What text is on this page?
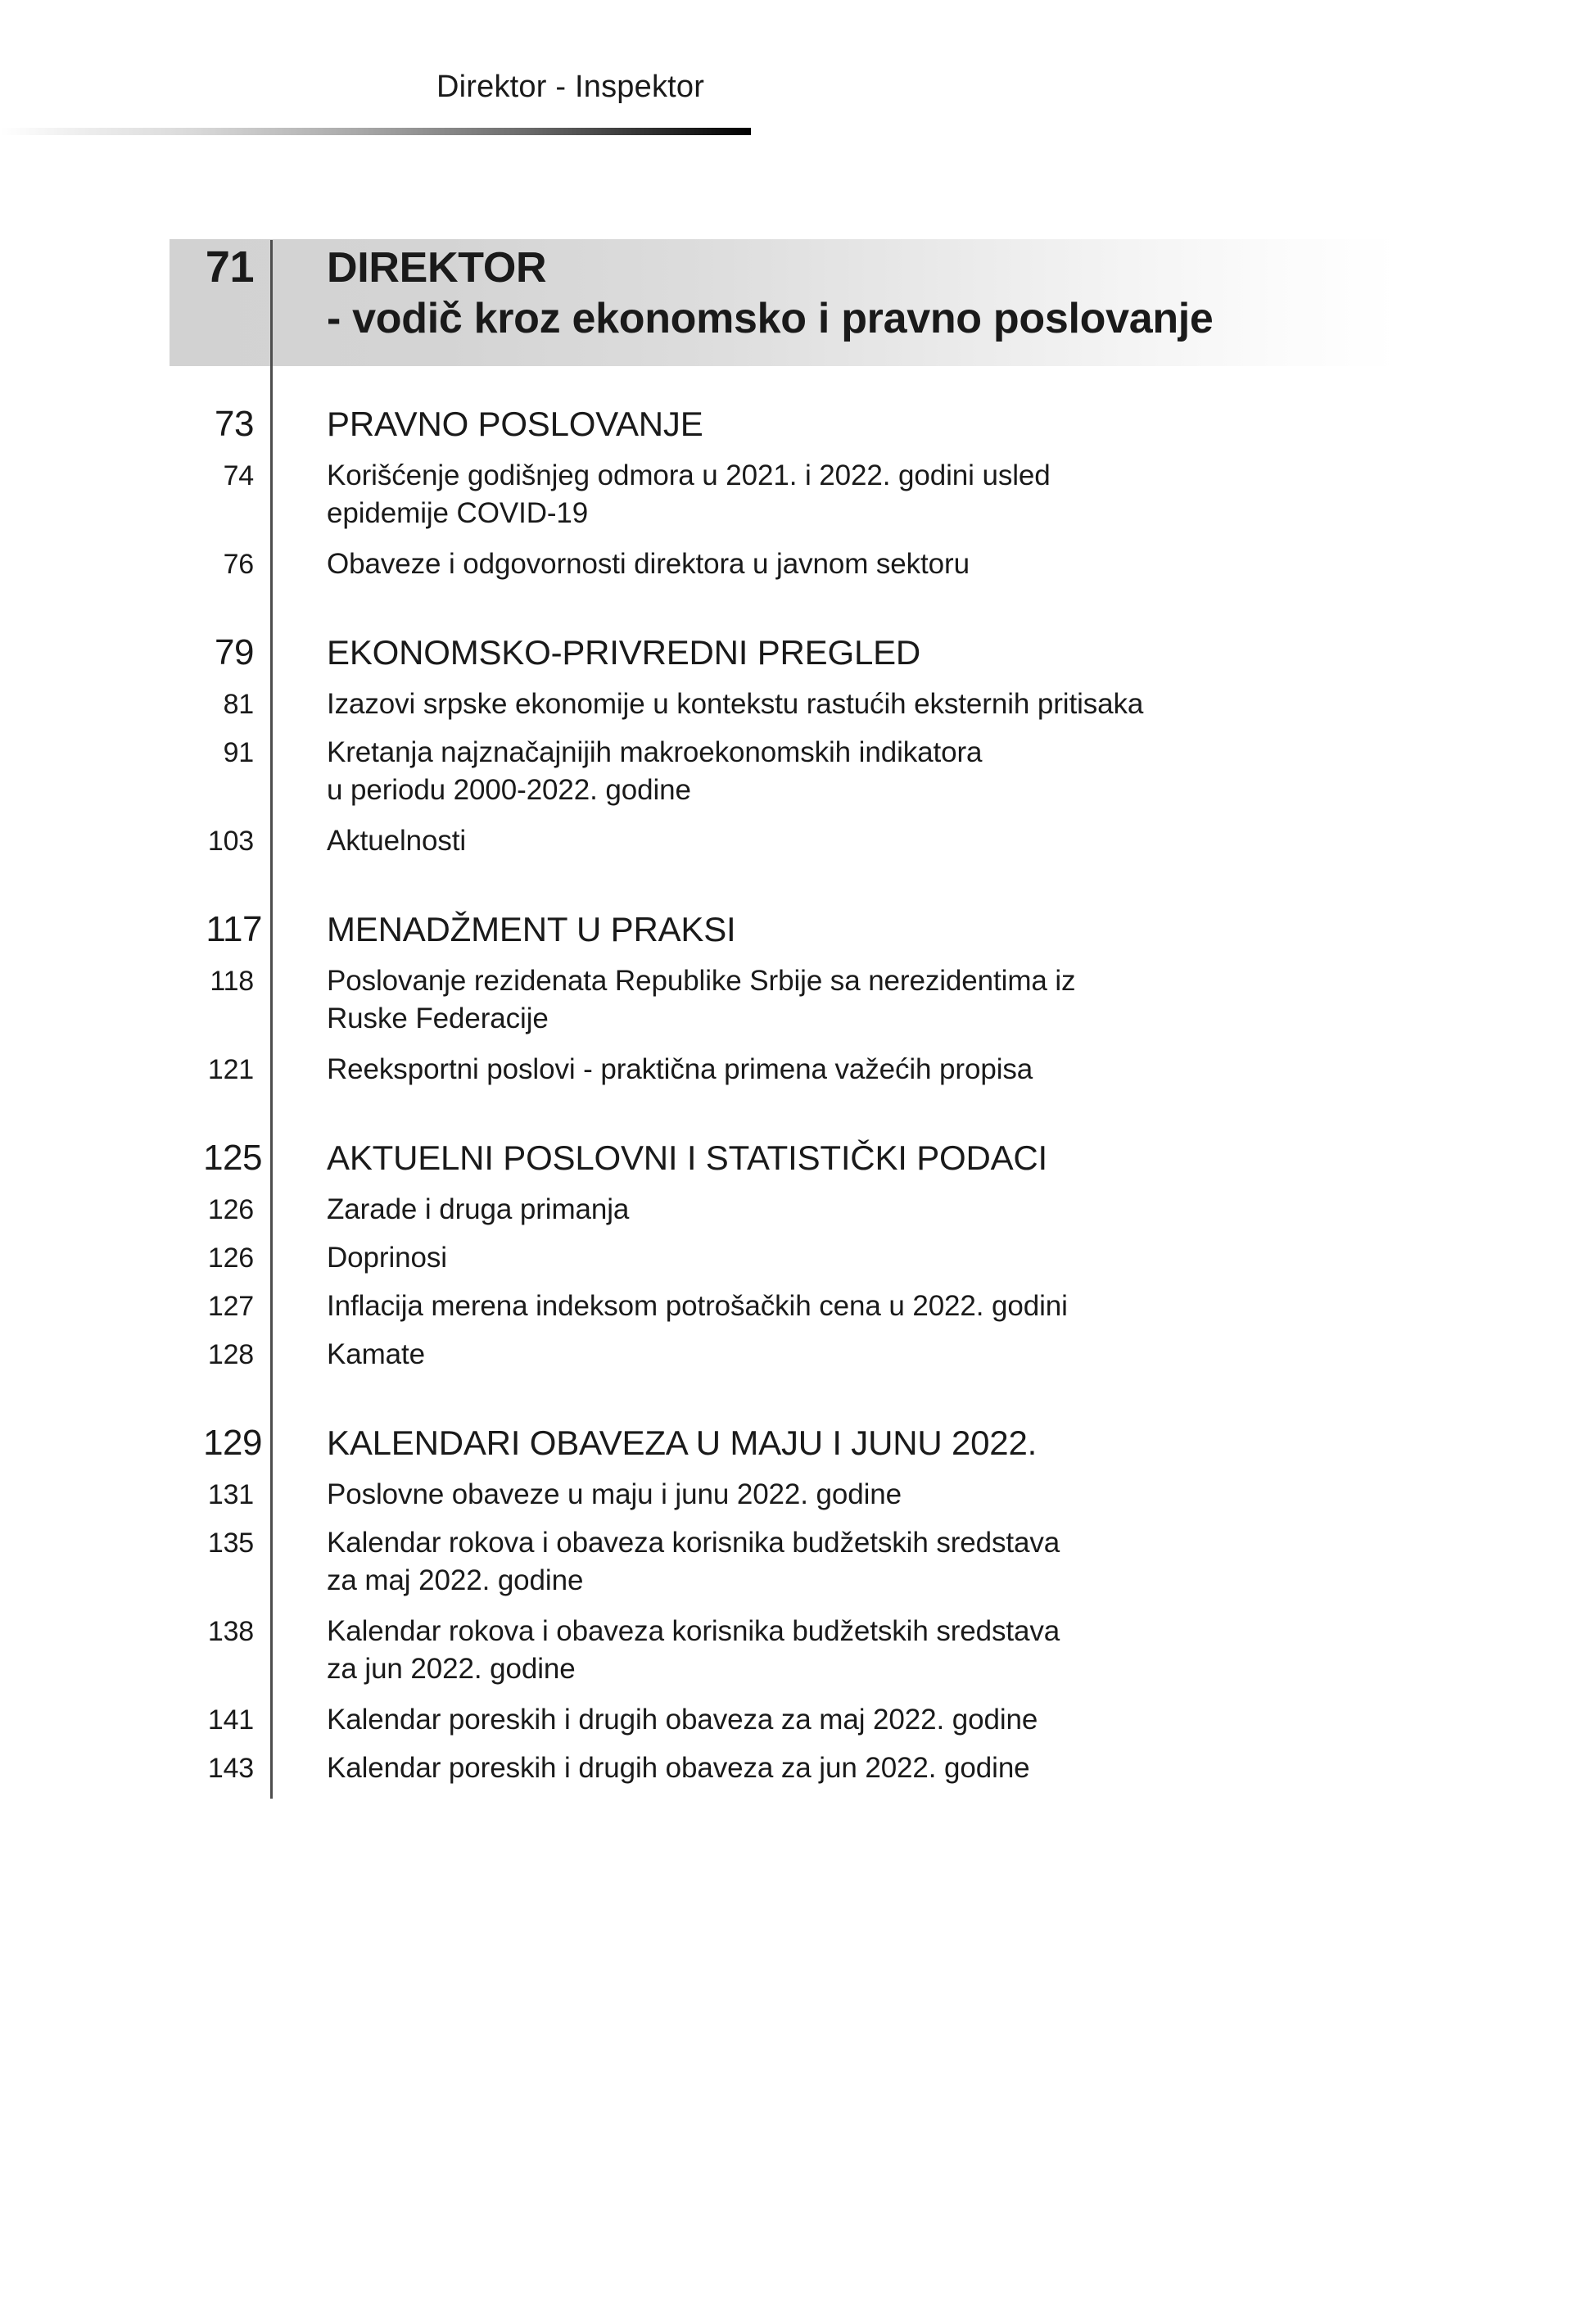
Direktor - Inspektor
71 DIREKTOR
- vodič kroz ekonomsko i pravno poslovanje
73 PRAVNO POSLOVANJE
74	Korišćenje godišnjeg odmora u 2021. i 2022. godini usled
epidemije COVID-19
76	Obaveze i odgovornosti direktora u javnom sektoru
79 EKONOMSKO-PRIVREDNI PREGLED
81	Izazovi srpske ekonomije u kontekstu rastućih eksternih pritisaka
91	Kretanja najznačajnijih makroekonomskih indikatora
u periodu 2000-2022. godine
103	Aktuelnosti
117 MENADŽMENT U PRAKSI
118	Poslovanje rezidenata Republike Srbije sa nerezidentima iz
Ruske Federacije
121	Reeksportni poslovi - praktična primena važećih propisa
125 AKTUELNI POSLOVNI I STATISTIČKI PODACI
126	Zarade i druga primanja
126	Doprinosi
127	Inflacija merena indeksom potrošačkih cena u 2022. godini
128	Kamate
129 KALENDARI OBAVEZA U MAJU I JUNU 2022.
131	Poslovne obaveze u maju i junu 2022. godine
135	Kalendar rokova i obaveza korisnika budžetskih sredstava
za maj 2022. godine
138	Kalendar rokova i obaveza korisnika budžetskih sredstava
za jun 2022. godine
141	Kalendar poreskih i drugih obaveza za maj 2022. godine
143	Kalendar poreskih i drugih obaveza za jun 2022. godine
